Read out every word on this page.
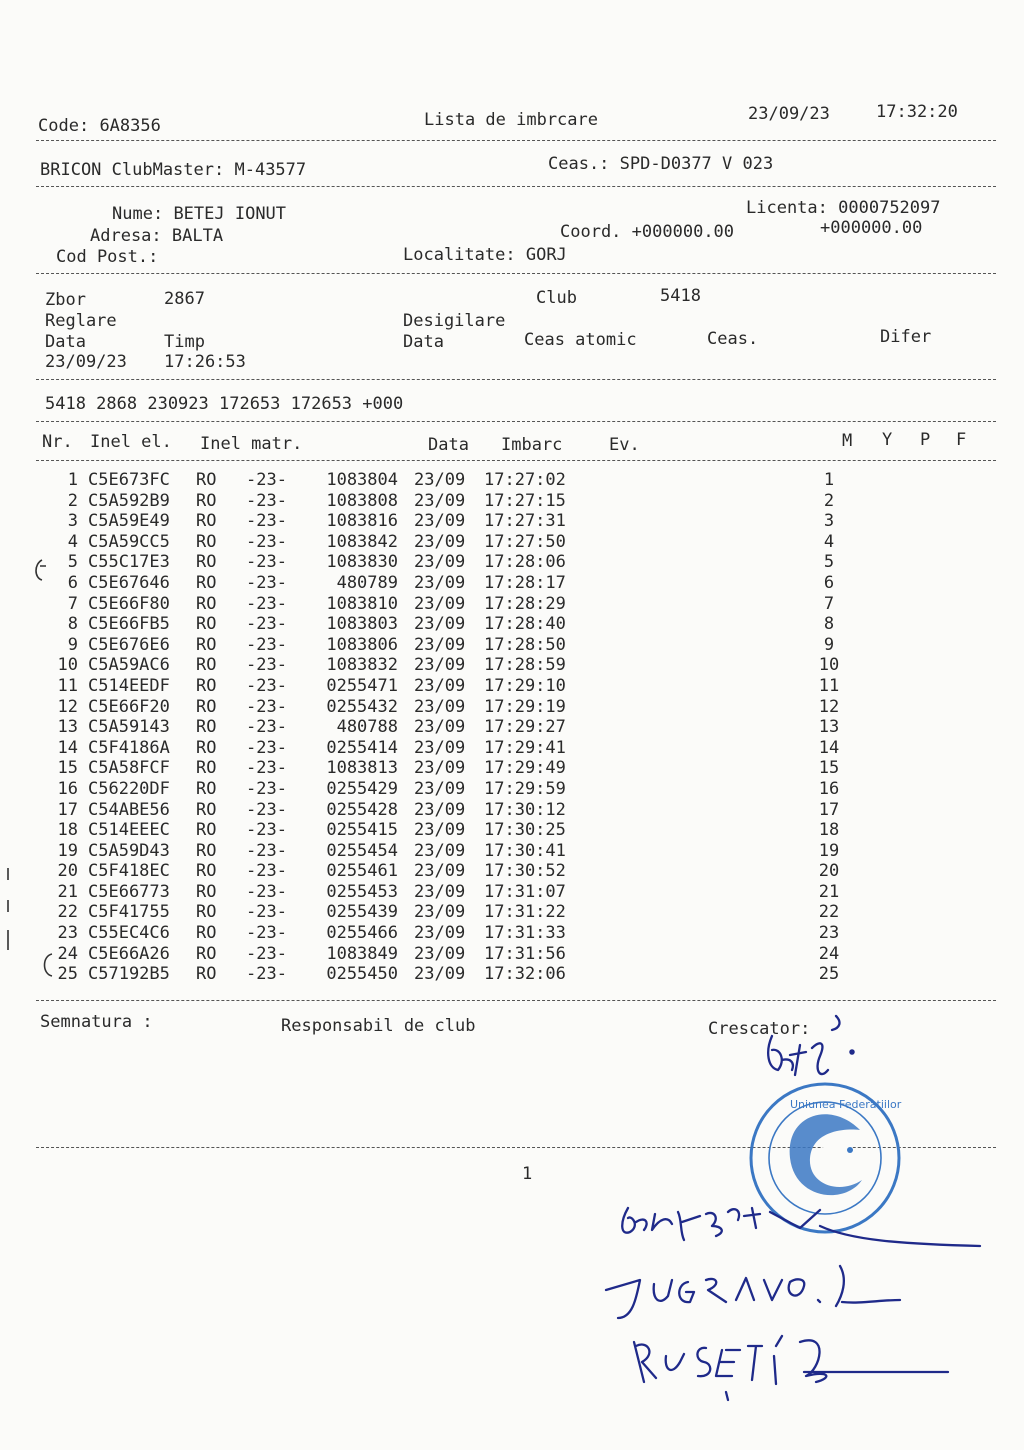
Code: 6A8356	Lista de imbrcare	23/09/23	17:32:20
BRICON ClubMaster: M-43577	Ceas.: SPD-D0377 V 023
Nume: BETEJ IONUT	Licenta: 0000752097
Adresa: BALTA	Coord. +000000.00	+000000.00
Cod Post.:	Localitate: GORJ
Zbor	2867	Club	5418
Reglare	Desigilare
Data	Timp	Data	Ceas atomic	Ceas.	Difer
23/09/23 17:26:53
5418 2868 230923 172653 172653 +000
Nr. Inel el. Inel matr.	Data Imbarc	Ev.	M Y P F
1	C5E673FC	RO	-23-	1083804	23/09	17:27:02	1
2	C5A592B9	RO	-23-	1083808	23/09	17:27:15	2
3	C5A59E49	RO	-23-	1083816	23/09	17:27:31	3
4	C5A59CC5	RO	-23-	1083842	23/09	17:27:50	4
5	C55C17E3	RO	-23-	1083830	23/09	17:28:06	5
6	C5E67646	RO	-23-	480789	23/09	17:28:17	6
7	C5E66F80	RO	-23-	1083810	23/09	17:28:29	7
8	C5E66FB5	RO	-23-	1083803	23/09	17:28:40	8
9	C5E676E6	RO	-23-	1083806	23/09	17:28:50	9
10	C5A59AC6	RO	-23-	1083832	23/09	17:28:59	10
11	C514EEDF	RO	-23-	0255471	23/09	17:29:10	11
12	C5E66F20	RO	-23-	0255432	23/09	17:29:19	12
13	C5A59143	RO	-23-	480788	23/09	17:29:27	13
14	C5F4186A	RO	-23-	0255414	23/09	17:29:41	14
15	C5A58FCF	RO	-23-	1083813	23/09	17:29:49	15
16	C56220DF	RO	-23-	0255429	23/09	17:29:59	16
17	C54ABE56	RO	-23-	0255428	23/09	17:30:12	17
18	C514EEEC	RO	-23-	0255415	23/09	17:30:25	18
19	C5A59D43	RO	-23-	0255454	23/09	17:30:41	19
20	C5F418EC	RO	-23-	0255461	23/09	17:30:52	20
21	C5E66773	RO	-23-	0255453	23/09	17:31:07	21
22	C5F41755	RO	-23-	0255439	23/09	17:31:22	22
23	C55EC4C6	RO	-23-	0255466	23/09	17:31:33	23
24	C5E66A26	RO	-23-	1083849	23/09	17:31:56	24
25	C57192B5	RO	-23-	0255450	23/09	17:32:06	25
Semnatura :	Responsabil de club	Crescator:
1
Uniunea Federatiilor
